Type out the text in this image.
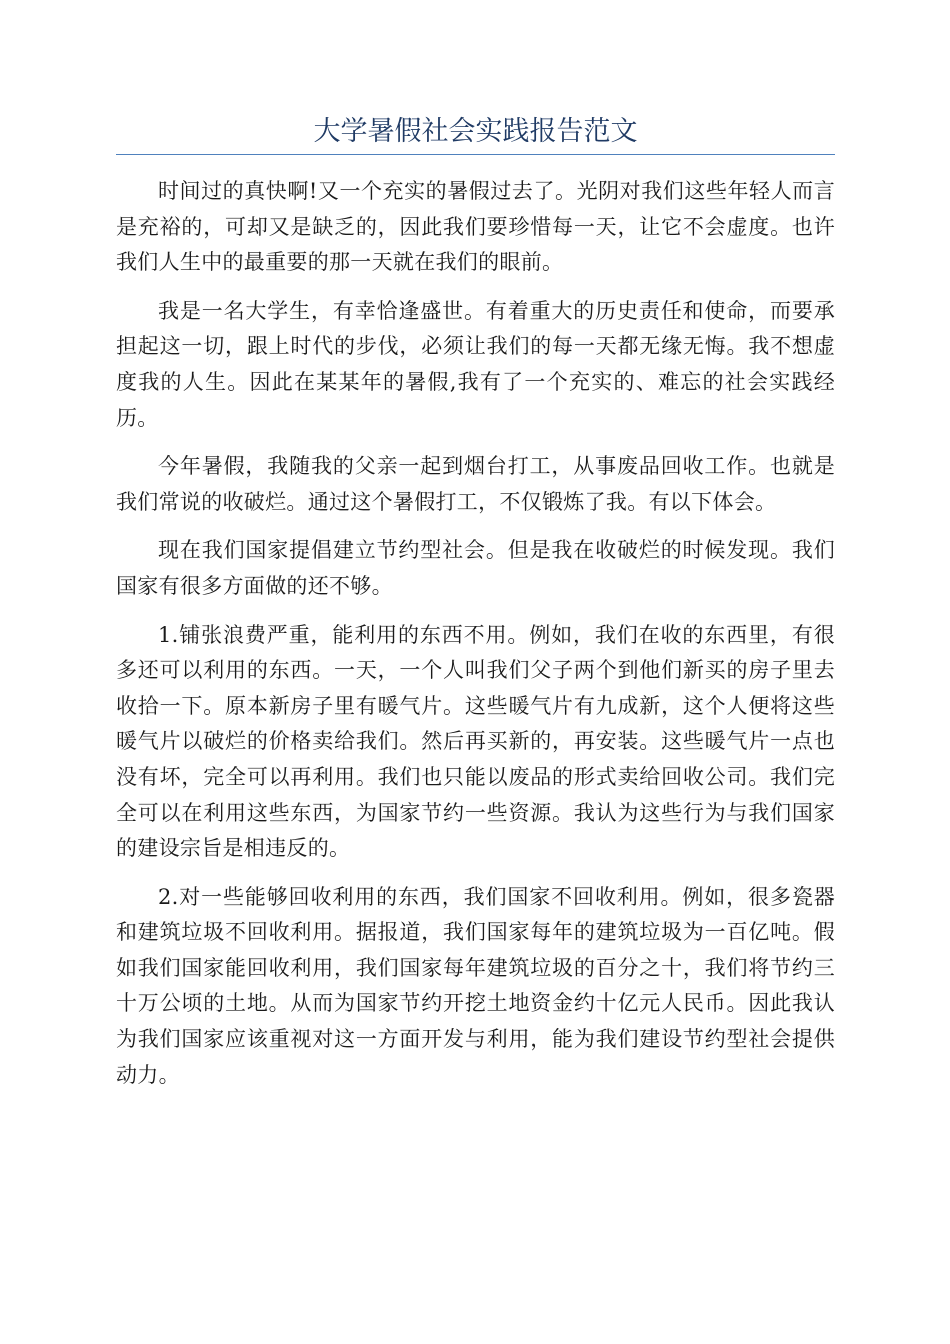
大学暑假社会实践报告范文

时间过的真快啊!又一个充实的暑假过去了。光阴对我们这些年轻人而言是充裕的，可却又是缺乏的，因此我们要珍惜每一天，让它不会虚度。也许我们人生中的最重要的那一天就在我们的眼前。

我是一名大学生，有幸恰逢盛世。有着重大的历史责任和使命，而要承担起这一切，跟上时代的步伐，必须让我们的每一天都无缘无悔。我不想虚度我的人生。因此在某某年的暑假,我有了一个充实的、难忘的社会实践经历。

今年暑假，我随我的父亲一起到烟台打工，从事废品回收工作。也就是我们常说的收破烂。通过这个暑假打工，不仅锻炼了我。有以下体会。

现在我们国家提倡建立节约型社会。但是我在收破烂的时候发现。我们国家有很多方面做的还不够。

1.铺张浪费严重，能利用的东西不用。例如，我们在收的东西里，有很多还可以利用的东西。一天，一个人叫我们父子两个到他们新买的房子里去收拾一下。原本新房子里有暖气片。这些暖气片有九成新，这个人便将这些暖气片以破烂的价格卖给我们。然后再买新的，再安装。这些暖气片一点也没有坏，完全可以再利用。我们也只能以废品的形式卖给回收公司。我们完全可以在利用这些东西，为国家节约一些资源。我认为这些行为与我们国家的建设宗旨是相违反的。

2.对一些能够回收利用的东西，我们国家不回收利用。例如，很多瓷器和建筑垃圾不回收利用。据报道，我们国家每年的建筑垃圾为一百亿吨。假如我们国家能回收利用，我们国家每年建筑垃圾的百分之十，我们将节约三十万公顷的土地。从而为国家节约开挖土地资金约十亿元人民币。因此我认为我们国家应该重视对这一方面开发与利用，能为我们建设节约型社会提供动力。
